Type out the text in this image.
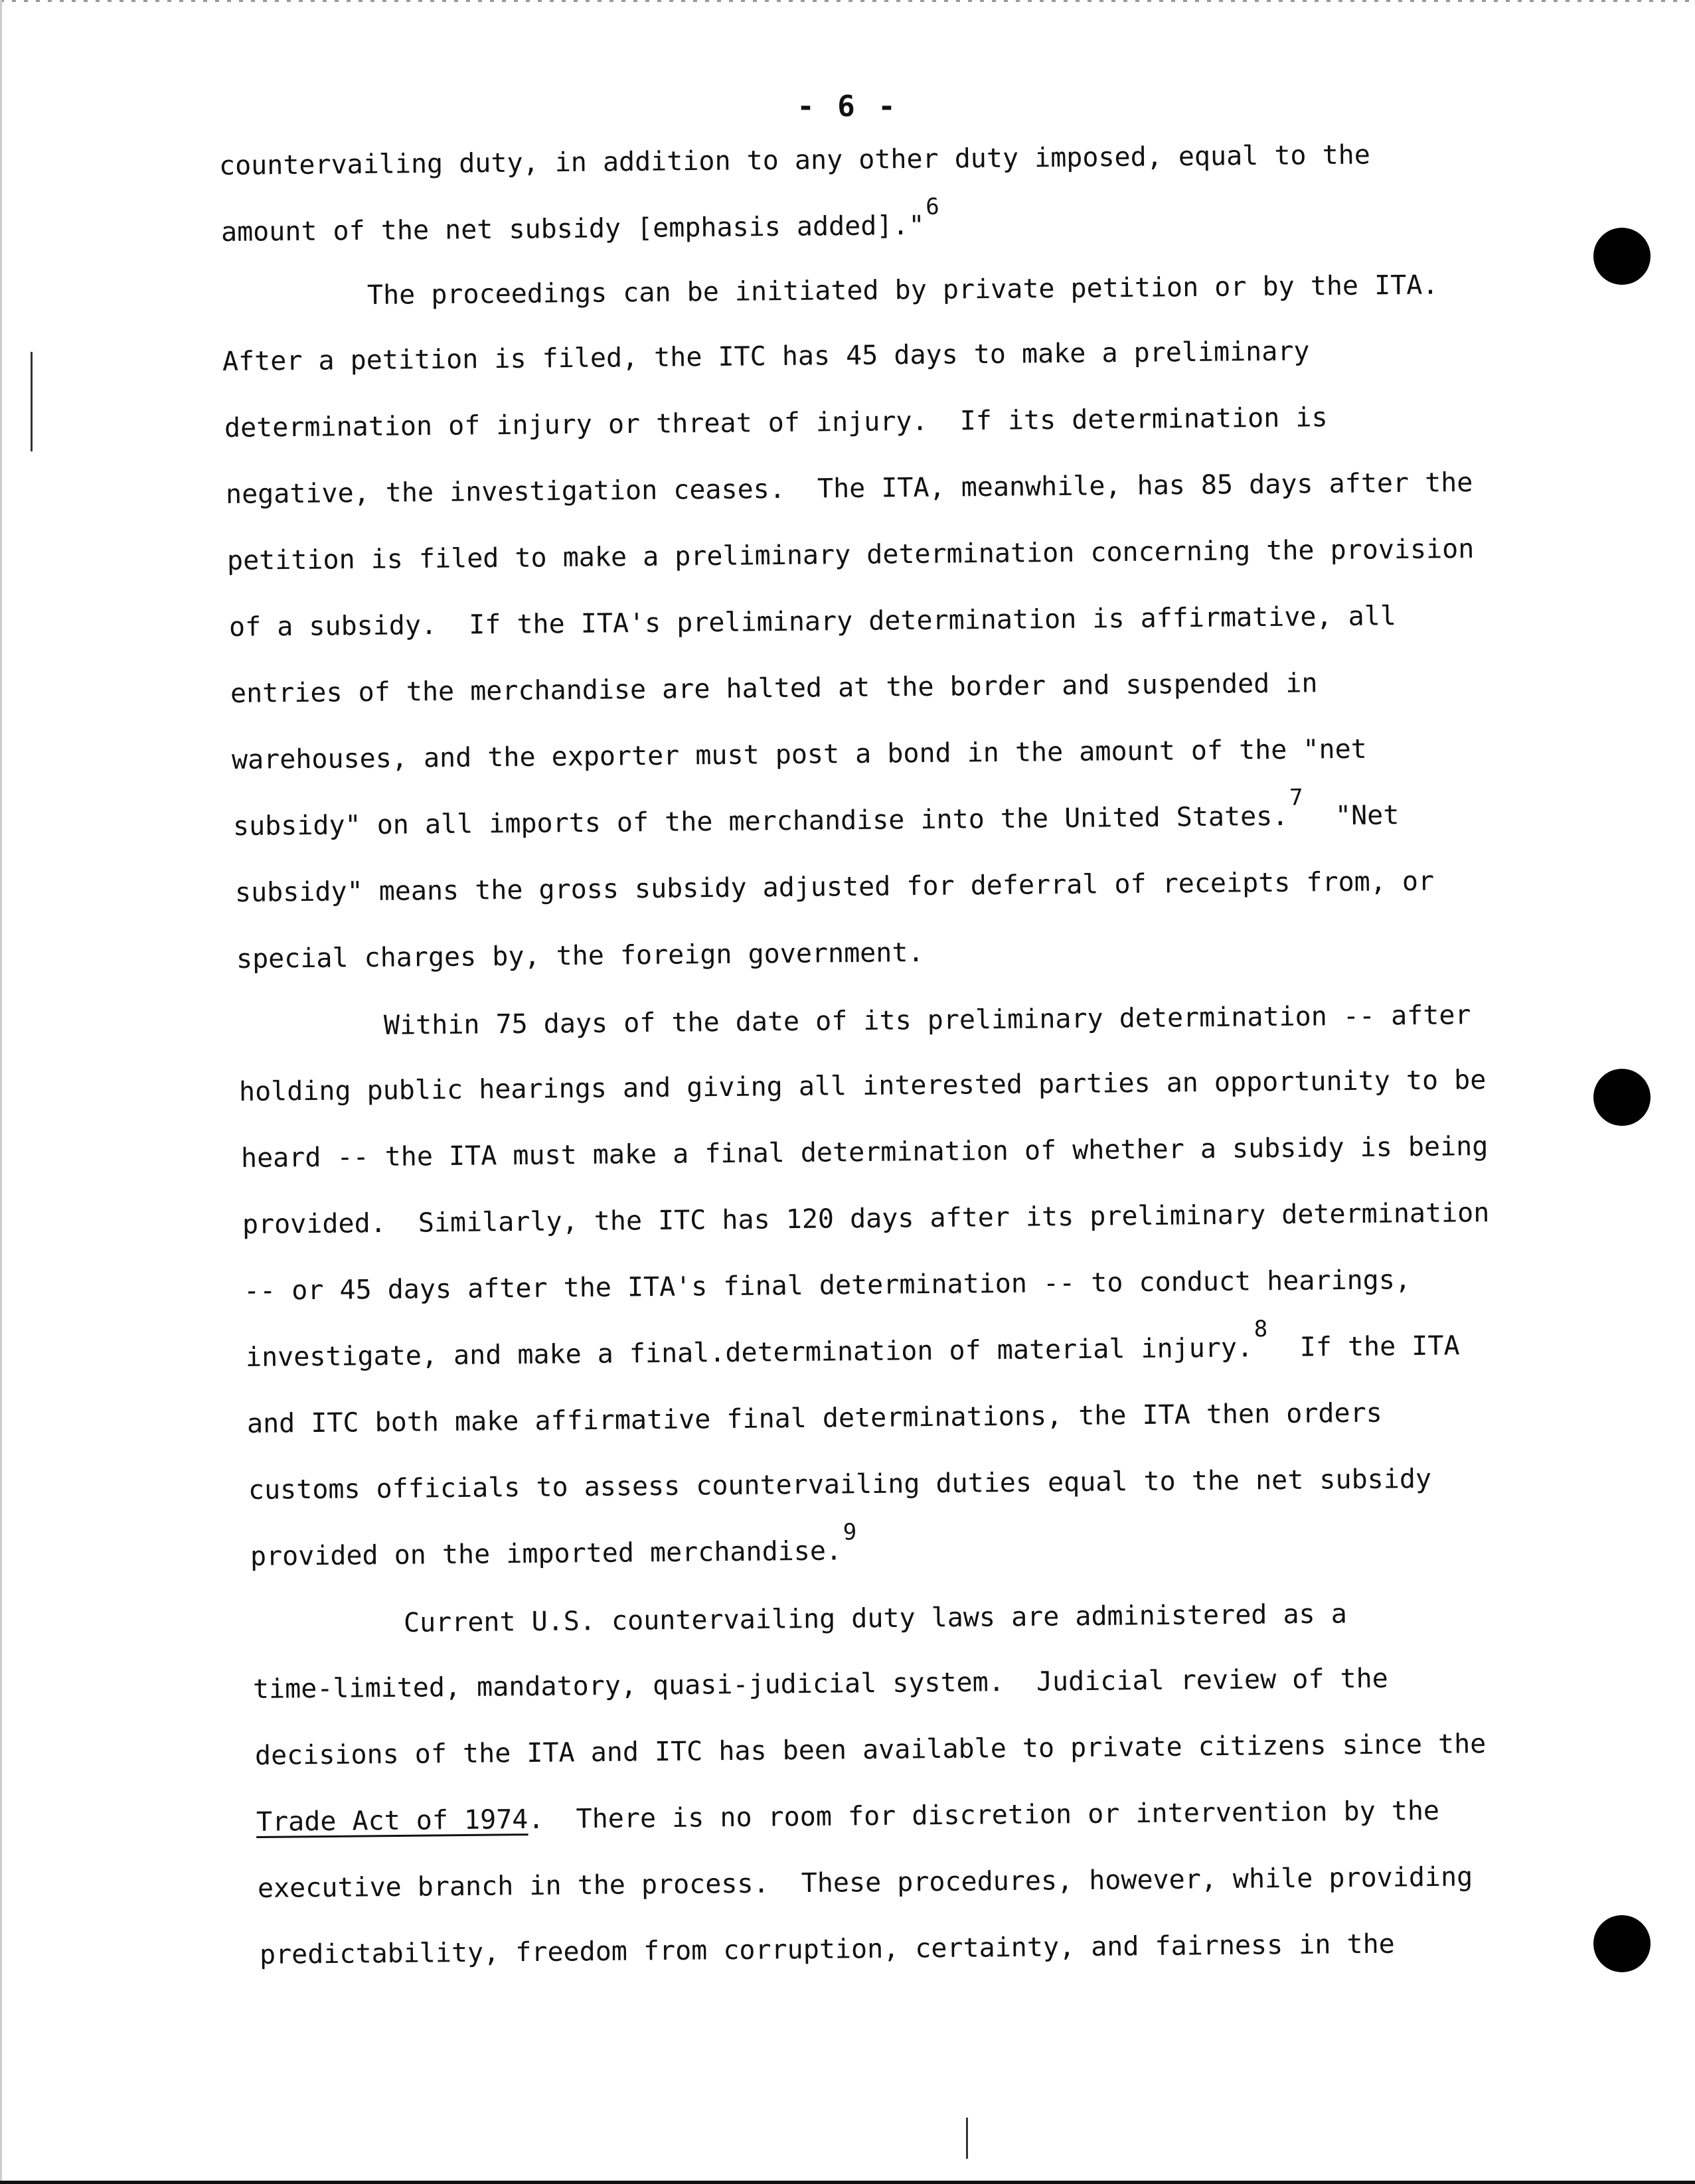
- 6 -
countervailing duty, in addition to any other duty imposed, equal to the
amount of the net subsidy [emphasis added]."$^6$
The proceedings can be initiated by private petition or by the ITA.
After a petition is filed, the ITC has 45 days to make a preliminary
determination of injury or threat of injury.  If its determination is
negative, the investigation ceases.  The ITA, meanwhile, has 85 days after the
petition is filed to make a preliminary determination concerning the provision
of a subsidy.  If the ITA's preliminary determination is affirmative, all
entries of the merchandise are halted at the border and suspended in
warehouses, and the exporter must post a bond in the amount of the "net
subsidy" on all imports of the merchandise into the United States.$^7$  "Net
subsidy" means the gross subsidy adjusted for deferral of receipts from, or
special charges by, the foreign government.
Within 75 days of the date of its preliminary determination -- after
holding public hearings and giving all interested parties an opportunity to be
heard -- the ITA must make a final determination of whether a subsidy is being
provided.  Similarly, the ITC has 120 days after its preliminary determination
-- or 45 days after the ITA's final determination -- to conduct hearings,
investigate, and make a final.determination of material injury.$^8$  If the ITA
and ITC both make affirmative final determinations, the ITA then orders
customs officials to assess countervailing duties equal to the net subsidy
provided on the imported merchandise.$^9$
Current U.S. countervailing duty laws are administered as a
time-limited, mandatory, quasi-judicial system.  Judicial review of the
decisions of the ITA and ITC has been available to private citizens since the
Trade Act of 1974.  There is no room for discretion or intervention by the
executive branch in the process.  These procedures, however, while providing
predictability, freedom from corruption, certainty, and fairness in the
